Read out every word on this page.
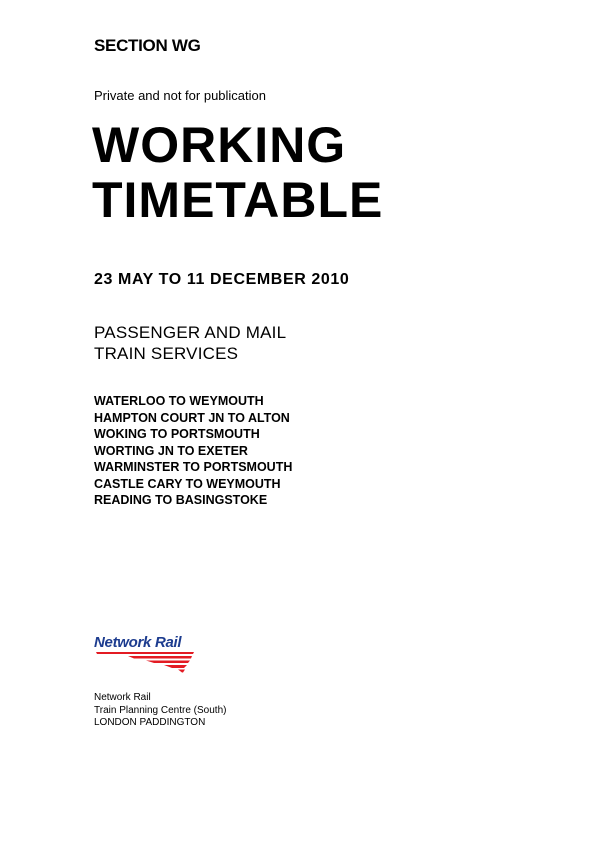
SECTION WG
Private and not for publication
WORKING
TIMETABLE
23 MAY TO 11 DECEMBER 2010
PASSENGER AND MAIL
TRAIN SERVICES
WATERLOO TO WEYMOUTH
HAMPTON COURT JN TO ALTON
WOKING TO PORTSMOUTH
WORTING JN TO EXETER
WARMINSTER TO PORTSMOUTH
CASTLE CARY TO WEYMOUTH
READING TO BASINGSTOKE
Network Rail
Network Rail
Train Planning Centre (South)
LONDON PADDINGTON
